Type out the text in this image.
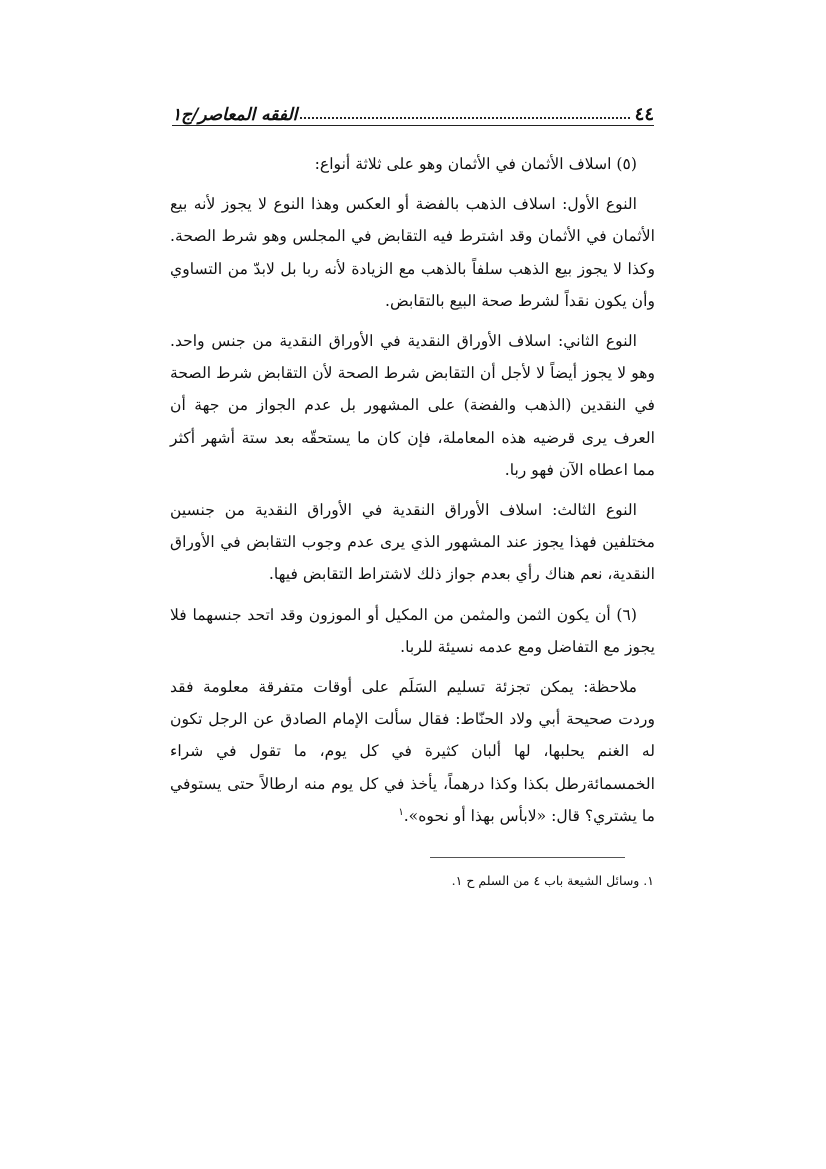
٤٤
الفقه المعاصر/ج١

(٥) اسلاف الأثمان في الأثمان وهو على ثلاثة أنواع:

النوع الأول: اسلاف الذهب بالفضة أو العكس وهذا النوع لا يجوز لأنه بيع الأثمان في الأثمان وقد اشترط فيه التقابض في المجلس وهو شرط الصحة. وكذا لا يجوز بيع الذهب سلفاً بالذهب مع الزيادة لأنه ربا بل لابدّ من التساوي وأن يكون نقداً لشرط صحة البيع بالتقابض.

النوع الثاني: اسلاف الأوراق النقدية في الأوراق النقدية من جنس واحد. وهو لا يجوز أيضاً لا لأجل أن التقابض شرط الصحة لأن التقابض شرط الصحة في النقدين (الذهب والفضة) على المشهور بل عدم الجواز من جهة أن العرف يرى قرضيه هذه المعاملة، فإن كان ما يستحقّه بعد ستة أشهر أكثر مما اعطاه الآن فهو ربا.

النوع الثالث: اسلاف الأوراق النقدية في الأوراق النقدية من جنسين مختلفين فهذا يجوز عند المشهور الذي يرى عدم وجوب التقابض في الأوراق النقدية، نعم هناك رأي بعدم جواز ذلك لاشتراط التقابض فيها.

(٦) أن يكون الثمن والمثمن من المكيل أو الموزون وقد اتحد جنسهما فلا يجوز مع التفاضل ومع عدمه نسيئة للربا.

ملاحظة: يمكن تجزئة تسليم السَلَم على أوقات متفرقة معلومة فقد وردت صحيحة أبي ولاد الحنّاط: فقال سألت الإمام الصادق عن الرجل تكون له الغنم يحلبها، لها ألبان كثيرة في كل يوم، ما تقول في شراء الخمسمائةرطل بكذا وكذا درهماً، يأخذ في كل يوم منه ارطالاً حتى يستوفي ما يشتري؟ قال: «لابأس بهذا أو نحوه».$^١$

١. وسائل الشيعة باب ٤ من السلم ح ١.
